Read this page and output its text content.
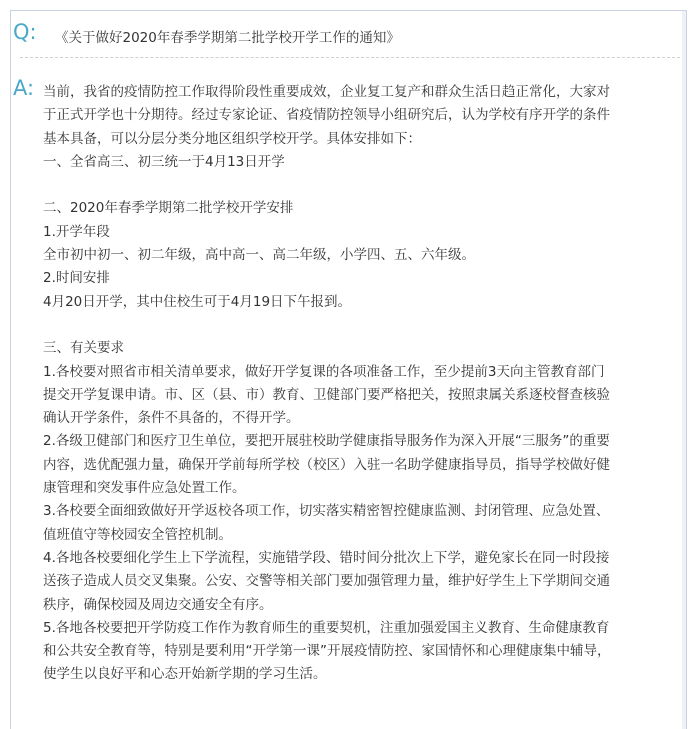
Q: 《关于做好2020年春季学期第二批学校开学工作的通知》
A: 当前，我省的疫情防控工作取得阶段性重要成效，企业复工复产和群众生活日趋正常化，大家对
于正式开学也十分期待。经过专家论证、省疫情防控领导小组研究后，认为学校有序开学的条件
基本具备，可以分层分类分地区组织学校开学。具体安排如下：
一、全省高三、初三统一于4月13日开学
二、2020年春季学期第二批学校开学安排
1.开学年段
全市初中初一、初二年级，高中高一、高二年级，小学四、五、六年级。
2.时间安排
4月20日开学，其中住校生可于4月19日下午报到。
三、有关要求
1.各校要对照省市相关清单要求，做好开学复课的各项准备工作，至少提前3天向主管教育部门
提交开学复课申请。市、区（县、市）教育、卫健部门要严格把关，按照隶属关系逐校督查核验
确认开学条件，条件不具备的，不得开学。
2.各级卫健部门和医疗卫生单位，要把开展驻校助学健康指导服务作为深入开展“三服务”的重要
内容，选优配强力量，确保开学前每所学校（校区）入驻一名助学健康指导员，指导学校做好健
康管理和突发事件应急处置工作。
3.各校要全面细致做好开学返校各项工作，切实落实精密智控健康监测、封闭管理、应急处置、
值班值守等校园安全管控机制。
4.各地各校要细化学生上下学流程，实施错学段、错时间分批次上下学，避免家长在同一时段接
送孩子造成人员交叉集聚。公安、交警等相关部门要加强管理力量，维护好学生上下学期间交通
秩序，确保校园及周边交通安全有序。
5.各地各校要把开学防疫工作作为教育师生的重要契机，注重加强爱国主义教育、生命健康教育
和公共安全教育等，特别是要利用“开学第一课”开展疫情防控、家国情怀和心理健康集中辅导，
使学生以良好平和心态开始新学期的学习生活。
